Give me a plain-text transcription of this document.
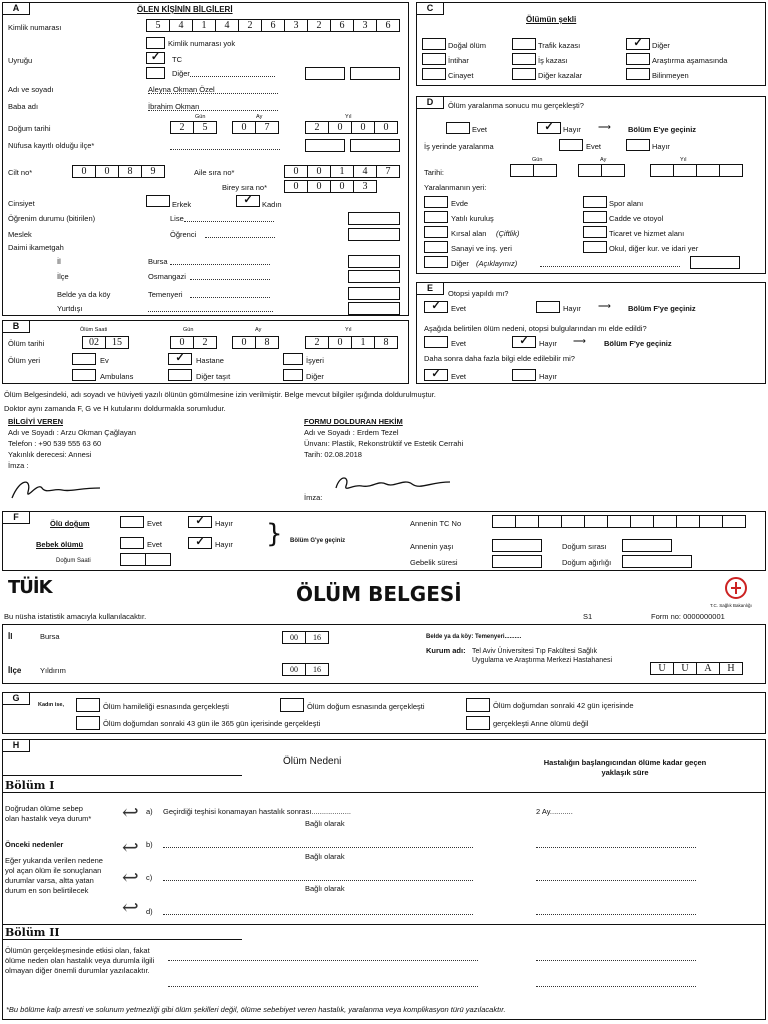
A	ÖLEN KİŞİNİN BİLGİLERİ
Kimlik numarası	5	4	1	4	2	6	3	2	6	3	6
Kimlik numarası yok
Uyruğu	✓	TC
Diğer
Adı ve soyadı	Aleyna Okman Özel
Baba adı	İbrahim Okman
Gün	Ay	Yıl
Doğum tarihi	2	5	0	7	2	0	0	0
Nüfusa kayıtlı olduğu ilçe*
Cilt no*	0	0	8	9	Aile sıra no*	0	0	1	4	7
Birey sıra no*	0	0	0	3
Cinsiyet	Erkek	✓	Kadın
Öğrenim durumu (bitirilen)	Lise
Meslek	Öğrenci
Daimi ikametgah
İl	Bursa
İlçe	Osmangazi
Belde ya da köy	Temenyeri
Yurtdışı
B	Ölüm Saati	Gün	Ay	Yıl
Ölüm tarihi	02	15	0	2	0	8	2	0	1	8
Ölüm yeri	Ev	✓	Hastane	İşyeri
Ambulans	Diğer taşıt	Diğer
C
Ölümün şekli
Doğal ölüm	Trafik kazası	✓	Diğer
İntihar	İş kazası	Araştırma aşamasında
Cinayet	Diğer kazalar	Bilinmeyen
D	Ölüm yaralanma sonucu mu gerçekleşti?
Evet	✓	Hayır ⟶ Bölüm E'ye geçiniz
İş yerinde yaralanma	Evet	Hayır
Gün	Ay	Yıl
Tarihi:
Yaralanmanın yeri:
Evde	Spor alanı
Yatılı kuruluş	Cadde ve otoyol
Kırsal alan (Çiftlik)	Ticaret ve hizmet alanı
Sanayi ve inş. yeri	Okul, diğer kur. ve idari yer
Diğer (Açıklayınız)
E
Otopsi yapıldı mı?
✓	Evet	Hayır ⟶ Bölüm F'ye geçiniz
Aşağıda belirtilen ölüm nedeni, otopsi bulgularından mı elde edildi?
Evet	✓	Hayır ⟶ Bölüm F'ye geçiniz
Daha sonra daha fazla bilgi elde edilebilir mi?
✓	Evet	Hayır
Ölüm Belgesindeki, adı soyadı ve hüviyeti yazılı ölünün gömülmesine izin verilmiştir. Belge mevcut bilgiler ışığında doldurulmuştur.
Doktor aynı zamanda F, G ve H kutularını doldurmakla sorumludur.
BİLGİYİ VEREN
Adı ve Soyadı : Arzu Okman Çağlayan
Telefon : +90 539 555 63 60
Yakınlık derecesi: Annesi
İmza :
FORMU DOLDURAN HEKİM
Adı ve Soyadı : Erdem Tezel
Ünvanı: Plastik, Rekonstrüktif ve Estetik Cerrahi
Tarih: 02.08.2018
İmza:
F
Ölü doğum	Evet	✓	Hayır
Bebek ölümü	Evet	✓	Hayır
Doğum Saati
} Bölüm G'ye geçiniz
Annenin TC No
Annenin yaşı
Gebelik süresi
Doğum sırası
Doğum ağırlığı
TÜİK	ÖLÜM BELGESİ	T.C. Sağlık Bakanlığı
Bu nüsha istatistik amacıyla kullanılacaktır.	S1	Form no: 0000000001
İl	Bursa	00	16
İlçe Yıldırım	00	16
Belde ya da köy: Temenyeri..........
Kurum adı: Tel Aviv Üniversitesi Tıp Fakültesi Sağlık Uygulama ve Araştırma Merkezi Hastahanesi
U	U	A	H
G
Kadın ise,	Ölüm hamileliği esnasında gerçekleşti	Ölüm doğum esnasında gerçekleşti	Ölüm doğumdan sonraki 42 gün içerisinde
Ölüm doğumdan sonraki 43 gün ile 365 gün içerisinde gerçekleşti	gerçekleşti Anne ölümü değil
H
Ölüm Nedeni	Hastalığın başlangıcından ölüme kadar geçen yaklaşık süre
Bölüm I
Doğrudan ölüme sebep olan hastalık veya durum*
Önceki nedenler
Eğer yukarıda verilen nedene yol açan ölüm ile sonuçlanan durumlar varsa, altta yatan durum en son belirtilecek
↩
↩
↩
↩
a) Geçirdiği teşhisi konamayan hastalık sonrası...................	2 Ay...........
Bağlı olarak
b)
Bağlı olarak
c)
Bağlı olarak
d)
Bölüm II
Ölümün gerçekleşmesinde etkisi olan, fakat ölüme neden olan hastalık veya durumla ilgili olmayan diğer önemli durumlar yazılacaktır.
*Bu bölüme kalp arresti ve solunum yetmezliği gibi ölüm şekilleri değil, ölüme sebebiyet veren hastalık, yaralanma veya komplikasyon türü yazılacaktır.
